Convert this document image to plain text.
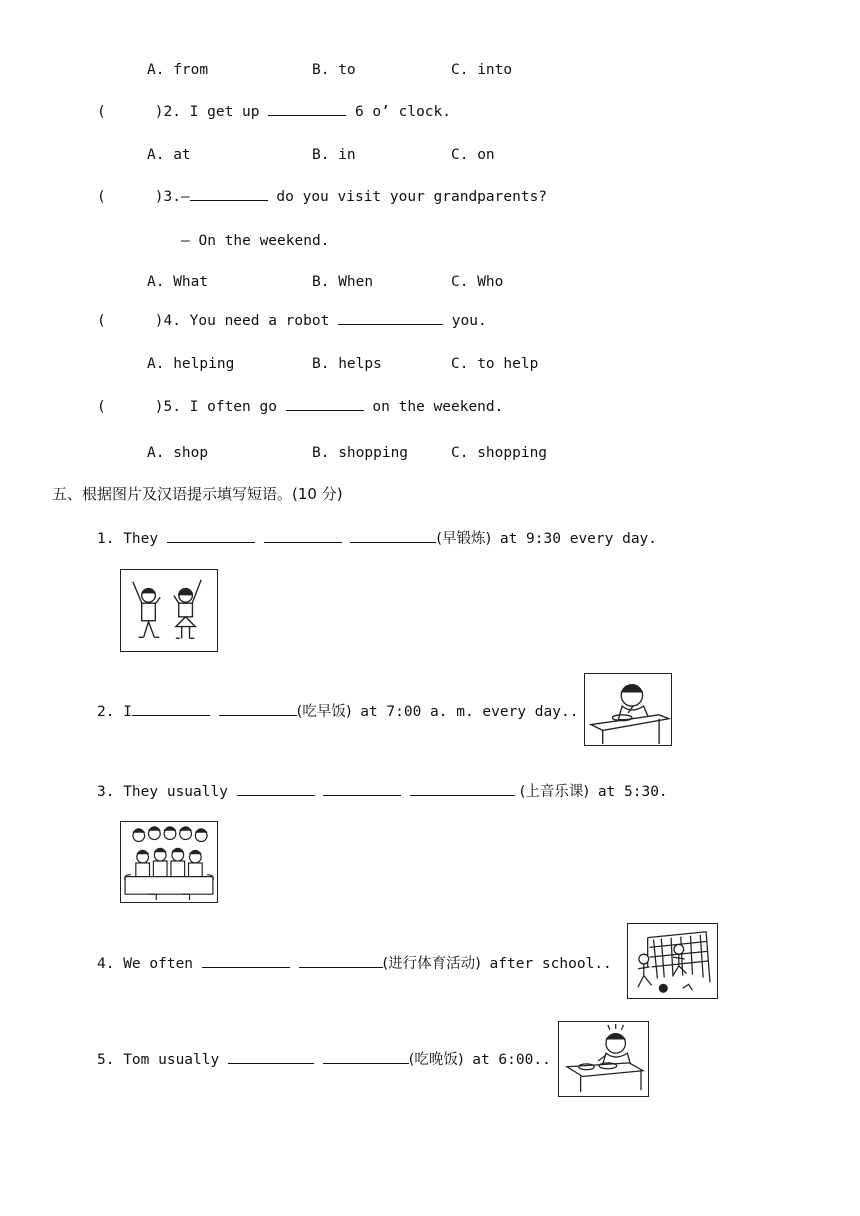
A. from	B. to	C. into
(	)2. I get up	6 o’ clock.
A. at	B. in	C. on
(	)3.—	do you visit your grandparents?
— On the weekend.
A. What	B. When	C. Who
(	)4. You need a robot	you.
A. helping	B. helps	C. to help
(	)5. I often go	on the weekend.
A. shop	B. shopping	C. shopping
五、根据图片及汉语提示填写短语。(10 分)
1. They	(早锻炼) at 9:30 every day.
2. I	(吃早饭) at 7:00 a. m. every day..
3. They usually	(上音乐课) at 5:30.
4. We often	(进行体育活动) after school..
5. Tom usually	(吃晚饭) at 6:00..
